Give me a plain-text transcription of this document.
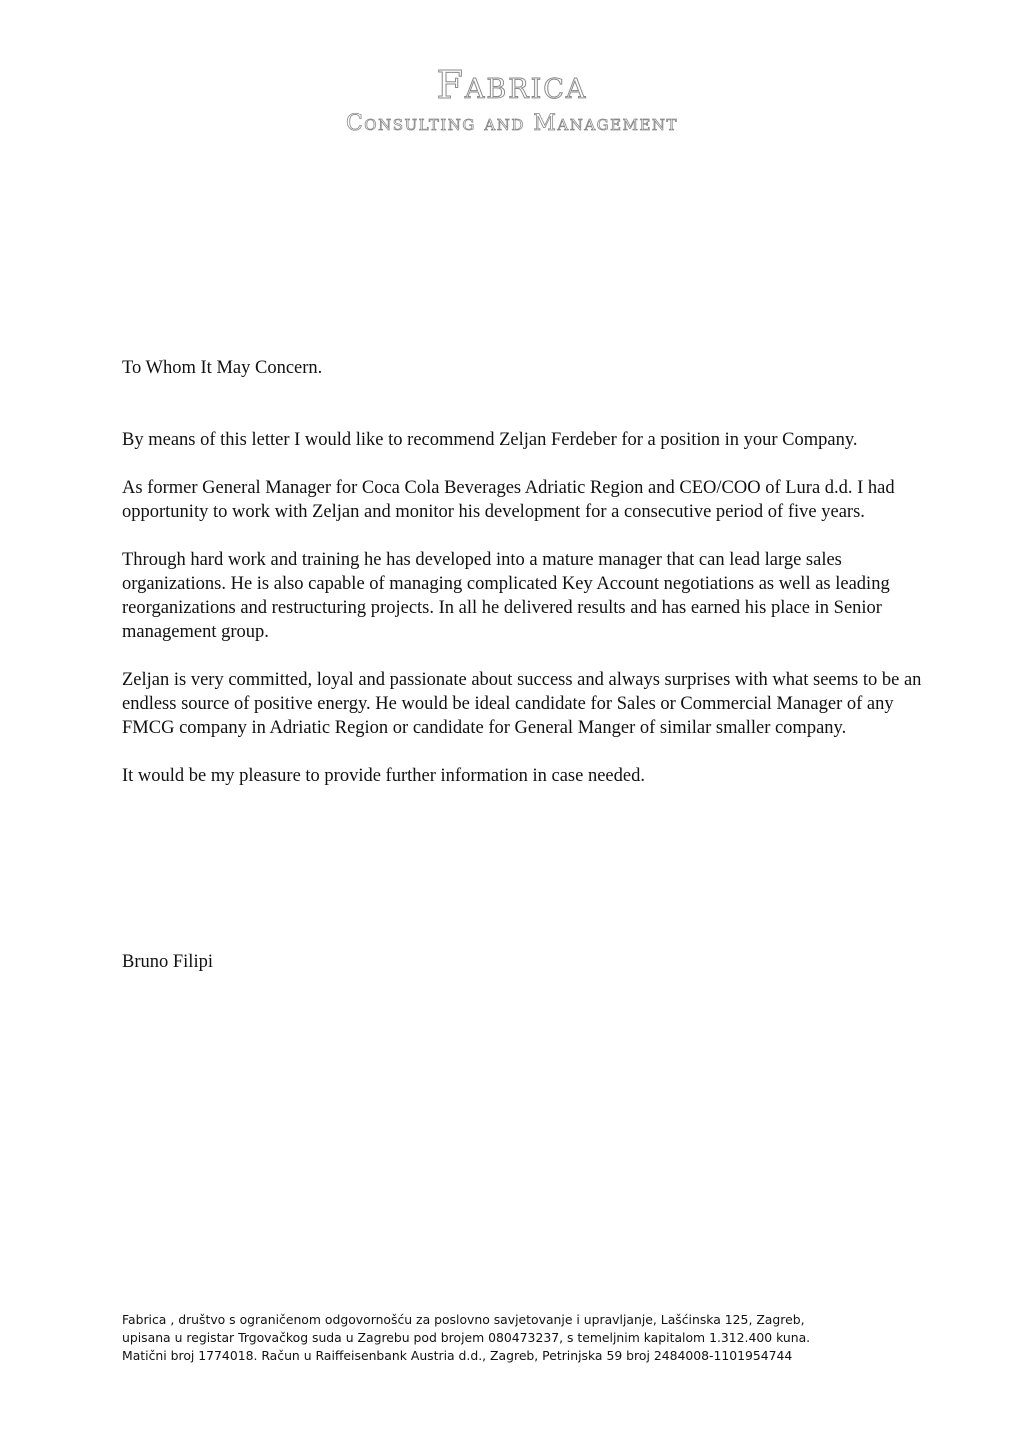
Fabrica
Consulting and Management

To Whom It May Concern.

By means of this letter I would like to recommend Zeljan Ferdeber for a position in your Company.

As former General Manager for Coca Cola Beverages Adriatic Region and CEO/COO of Lura d.d. I had opportunity to work with Zeljan and monitor his development for a consecutive period of five years.

Through hard work and training he has developed into a mature manager that can lead large sales organizations. He is also capable of managing complicated Key Account negotiations as well as leading reorganizations and restructuring projects. In all he delivered results and has earned his place in Senior management group.

Zeljan is very committed, loyal and passionate about success and always surprises with what seems to be an endless source of positive energy. He would be ideal candidate for Sales or Commercial Manager of any FMCG company in Adriatic Region or candidate for General Manger of similar smaller company.

It would be my pleasure to provide further information in case needed.

Bruno Filipi
Fabrica , društvo s ograničenom odgovornošću za poslovno savjetovanje i upravljanje, Lašćinska 125, Zagreb,
upisana u registar Trgovačkog suda u Zagrebu pod brojem 080473237, s temeljnim kapitalom 1.312.400 kuna.
Matični broj 1774018. Račun u Raiffeisenbank Austria d.d., Zagreb, Petrinjska 59 broj 2484008-1101954744
